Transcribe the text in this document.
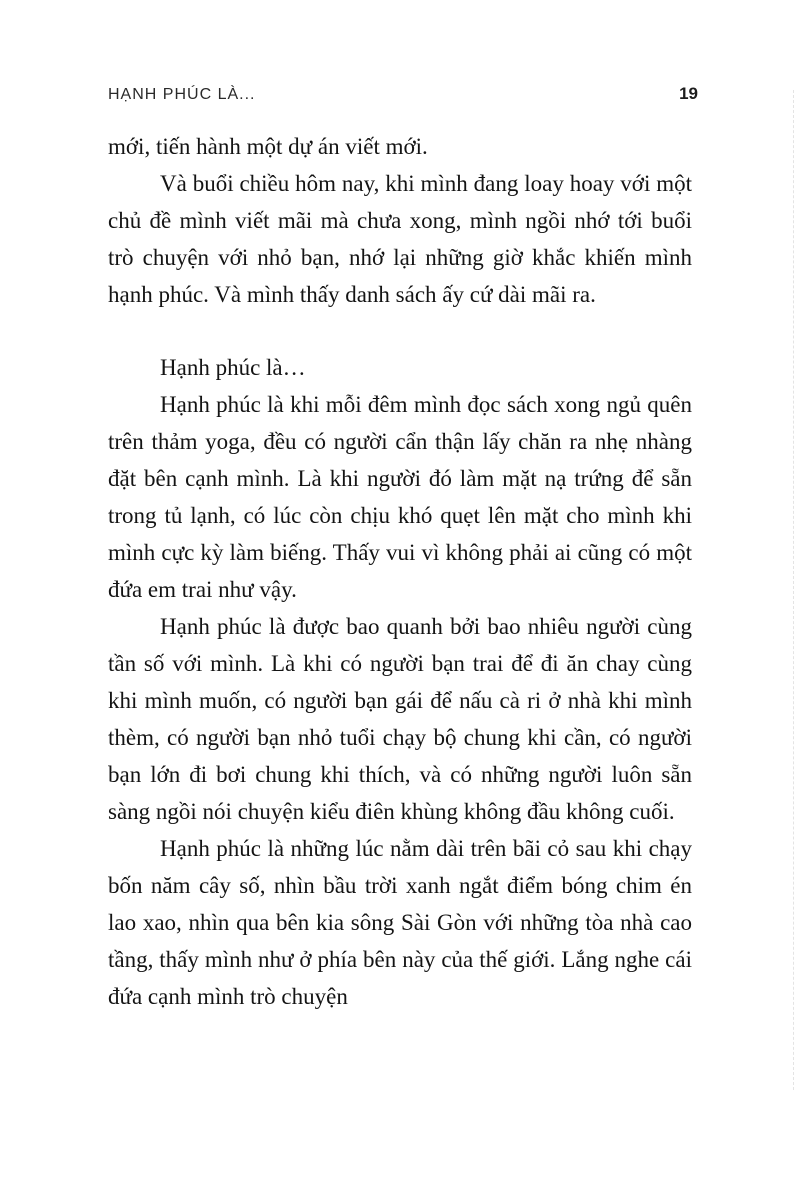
HẠNH PHÚC LÀ...	19

mới, tiến hành một dự án viết mới.

Và buổi chiều hôm nay, khi mình đang loay hoay với một chủ đề mình viết mãi mà chưa xong, mình ngồi nhớ tới buổi trò chuyện với nhỏ bạn, nhớ lại những giờ khắc khiến mình hạnh phúc. Và mình thấy danh sách ấy cứ dài mãi ra.

Hạnh phúc là…

Hạnh phúc là khi mỗi đêm mình đọc sách xong ngủ quên trên thảm yoga, đều có người cẩn thận lấy chăn ra nhẹ nhàng đặt bên cạnh mình. Là khi người đó làm mặt nạ trứng để sẵn trong tủ lạnh, có lúc còn chịu khó quẹt lên mặt cho mình khi mình cực kỳ làm biếng. Thấy vui vì không phải ai cũng có một đứa em trai như vậy.

Hạnh phúc là được bao quanh bởi bao nhiêu người cùng tần số với mình. Là khi có người bạn trai để đi ăn chay cùng khi mình muốn, có người bạn gái để nấu cà ri ở nhà khi mình thèm, có người bạn nhỏ tuổi chạy bộ chung khi cần, có người bạn lớn đi bơi chung khi thích, và có những người luôn sẵn sàng ngồi nói chuyện kiểu điên khùng không đầu không cuối.

Hạnh phúc là những lúc nằm dài trên bãi cỏ sau khi chạy bốn năm cây số, nhìn bầu trời xanh ngắt điểm bóng chim én lao xao, nhìn qua bên kia sông Sài Gòn với những tòa nhà cao tầng, thấy mình như ở phía bên này của thế giới. Lắng nghe cái đứa cạnh mình trò chuyện
